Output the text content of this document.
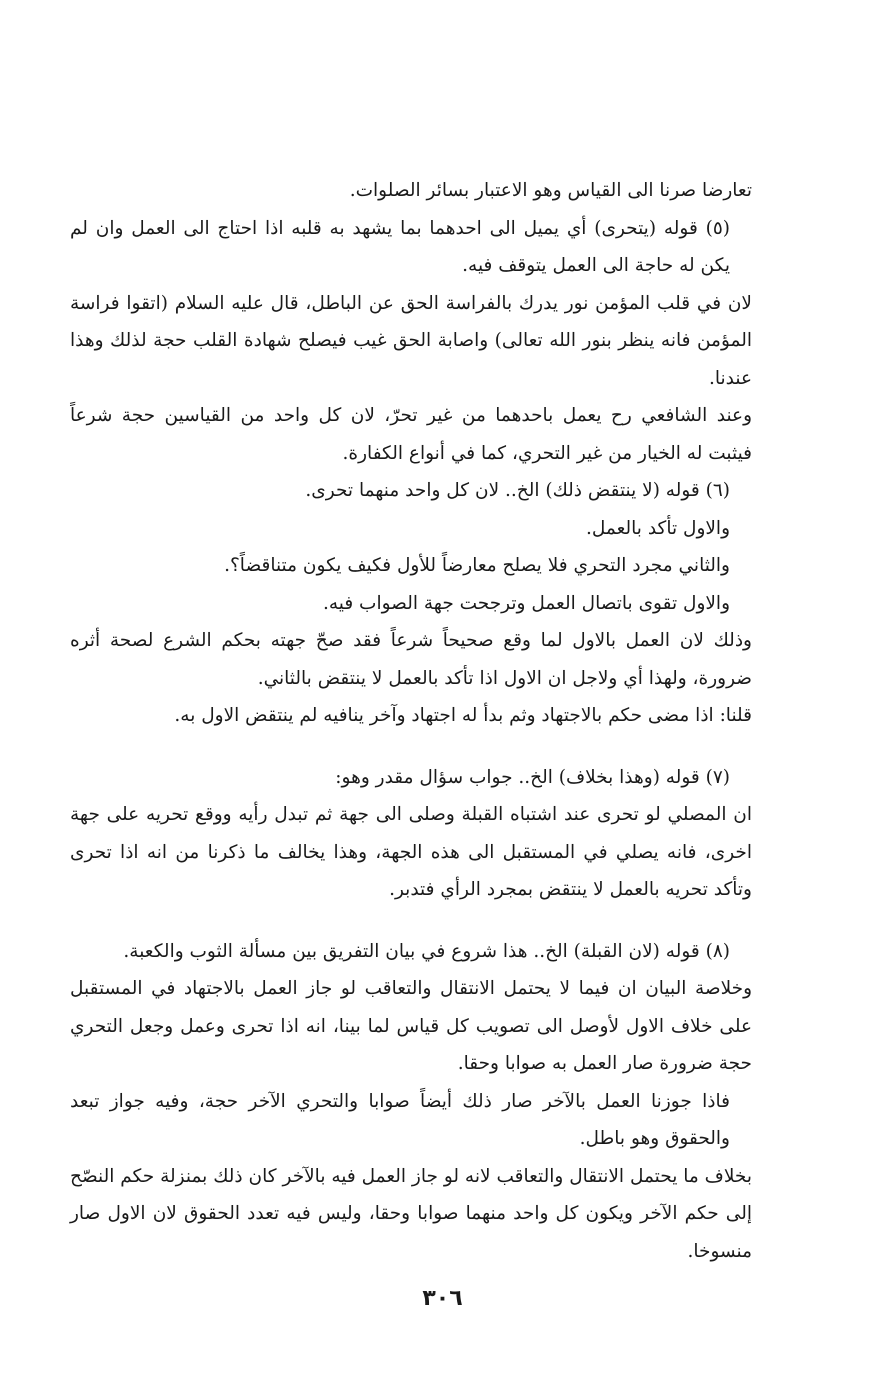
تعارضا صرنا الى القياس وهو الاعتبار بسائر الصلوات.

(٥) قوله (يتحرى) أي يميل الى احدهما بما يشهد به قلبه اذا احتاج الى العمل وان لم يكن له حاجة الى العمل يتوقف فيه.

لان في قلب المؤمن نور يدرك بالفراسة الحق عن الباطل، قال عليه السلام (اتقوا فراسة المؤمن فانه ينظر بنور الله تعالى) واصابة الحق غيب فيصلح شهادة القلب حجة لذلك وهذا عندنا.

وعند الشافعي رح يعمل باحدهما من غير تحرّ، لان كل واحد من القياسين حجة شرعاً فيثبت له الخيار من غير التحري، كما في أنواع الكفارة.

(٦) قوله (لا ينتقض ذلك) الخ.. لان كل واحد منهما تحرى.

والاول تأكد بالعمل.

والثاني مجرد التحري فلا يصلح معارضاً للأول فكيف يكون متناقضاً؟.

والاول تقوى باتصال العمل وترجحت جهة الصواب فيه.

وذلك لان العمل بالاول لما وقع صحيحاً شرعاً فقد صحّ جهته بحكم الشرع لصحة أثره ضرورة، ولهذا أي ولاجل ان الاول اذا تأكد بالعمل لا ينتقض بالثاني.

قلنا: اذا مضى حكم بالاجتهاد وثم بدأ له اجتهاد وآخر ينافيه لم ينتقض الاول به.

(٧) قوله (وهذا بخلاف) الخ.. جواب سؤال مقدر وهو:

ان المصلي لو تحرى عند اشتباه القبلة وصلى الى جهة ثم تبدل رأيه ووقع تحريه على جهة اخرى، فانه يصلي في المستقبل الى هذه الجهة، وهذا يخالف ما ذكرنا من انه اذا تحرى وتأكد تحريه بالعمل لا ينتقض بمجرد الرأي فتدبر.

(٨) قوله (لان القبلة) الخ.. هذا شروع في بيان التفريق بين مسألة الثوب والكعبة.

وخلاصة البيان ان فيما لا يحتمل الانتقال والتعاقب لو جاز العمل بالاجتهاد في المستقبل على خلاف الاول لأوصل الى تصويب كل قياس لما بينا، انه اذا تحرى وعمل وجعل التحري حجة ضرورة صار العمل به صوابا وحقا.

فاذا جوزنا العمل بالآخر صار ذلك أيضاً صوابا والتحري الآخر حجة، وفيه جواز تبعد والحقوق وهو باطل.

بخلاف ما يحتمل الانتقال والتعاقب لانه لو جاز العمل فيه بالآخر كان ذلك بمنزلة حكم النصّح إلى حكم الآخر ويكون كل واحد منهما صوابا وحقا، وليس فيه تعدد الحقوق لان الاول صار منسوخا.

٣٠٦
